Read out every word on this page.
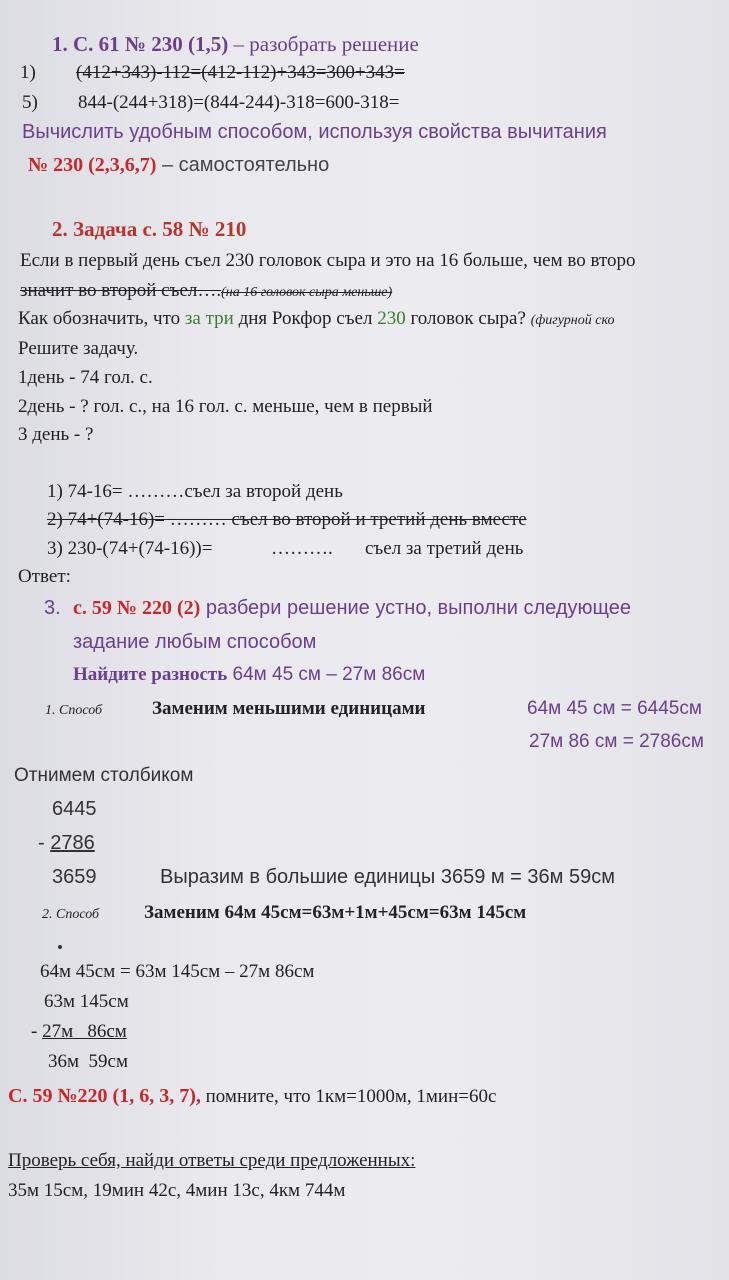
1. С. 61 № 230 (1,5) – разобрать решение
1) (412+343)-112=(412-112)+343=300+343=
5) 844-(244+318)=(844-244)-318=600-318=
Вычислить удобным способом, используя свойства вычитания
№ 230 (2,3,6,7) – самостоятельно
2. Задача с. 58 № 210
Если в первый день съел 230 головок сыра и это на 16 больше, чем во второ
значит во второй съел….(на 16 головок сыра меньше)
Как обозначить, что за три дня Рокфор съел 230 головок сыра? (фигурной ско
Решите задачу.
1день - 74 гол. с.
2день - ? гол. с., на 16 гол. с. меньше, чем в первый
3 день - ?
1) 74-16= ………съел за второй день
2) 74+(74-16)= ……… съел во второй и третий день вместе
3) 230-(74+(74-16))=	………. съел за третий день
Ответ:
3. с. 59 № 220 (2) разбери решение устно, выполни следующее
задание любым способом
Найдите разность 64м 45 см – 27м 86см
1. Способ	Заменим меньшими единицами	64м 45 см = 6445см
27м 86 см = 2786см
Отнимем столбиком
6445
- 2786
3659	Выразим в большие единицы 3659 м = 36м 59см
2. Способ Заменим 64м 45см=63м+1м+45см=63м 145см
64м 45см = 63м 145см – 27м 86см
63м 145см
- 27м   86см
36м  59см
С. 59 №220 (1, 6, 3, 7), помните, что 1км=1000м, 1мин=60с
Проверь себя, найди ответы среди предложенных:
35м 15см, 19мин 42с, 4мин 13с, 4км 744м
